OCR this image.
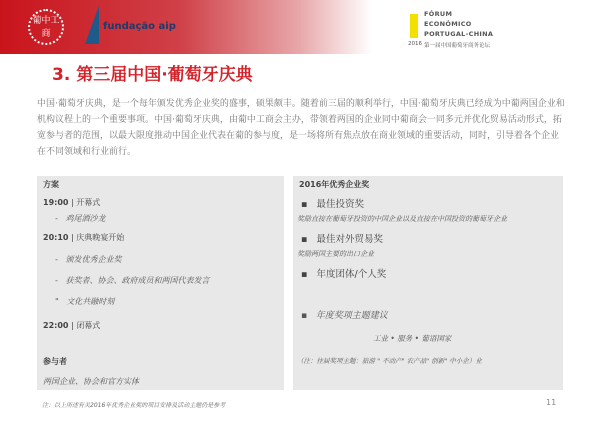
葡中工商
fundação aip
FÓRUM
ECONÓMICO
PORTUGAL-CHINA
2016 第一届中国葡萄牙商务论坛
3. 第三届中国·葡萄牙庆典

中国·葡萄牙庆典，是一个每年颁发优秀企业奖的盛事，硕果颇丰。随着前三届的顺利举行，中国·葡萄牙庆典已经成为中葡两国企业和机构议程上的一个重要事项。中国·葡萄牙庆典，由葡中工商会主办，带领着两国的企业同中葡商会一同多元并优化贸易活动形式，拓宽参与者的范围，以最大限度推动中国企业代表在葡的参与度，是一场将所有焦点放在商业领域的重要活动，同时，引导着各个企业在不同领域和行业前行。

方案
19:00 | 开幕式
-   鸡尾酒沙龙
20:10 | 庆典晚宴开始
-   颁发优秀企业奖
-   获奖者、协会、政府成员和两国代表发言
"   文化共融时刻
22:00 | 闭幕式
参与者
两国企业、协会和官方实体
2016年优秀企业奖
▪   最佳投资奖
奖励直接在葡萄牙投资的中国企业以及直接在中国投资的葡萄牙企业
▪   最佳对外贸易奖
奖励两国主要的出口企业
▪   年度团体/个人奖
▪   年度奖项主题建议
工业 • 服务 • 葡语国家
（注：往届奖项主题：旅游 " 不动产" 农产品" 创新" 中小企）业
注：以上所述有关2016年优秀企业奖的项目安排及活动主题仍是参考	11
